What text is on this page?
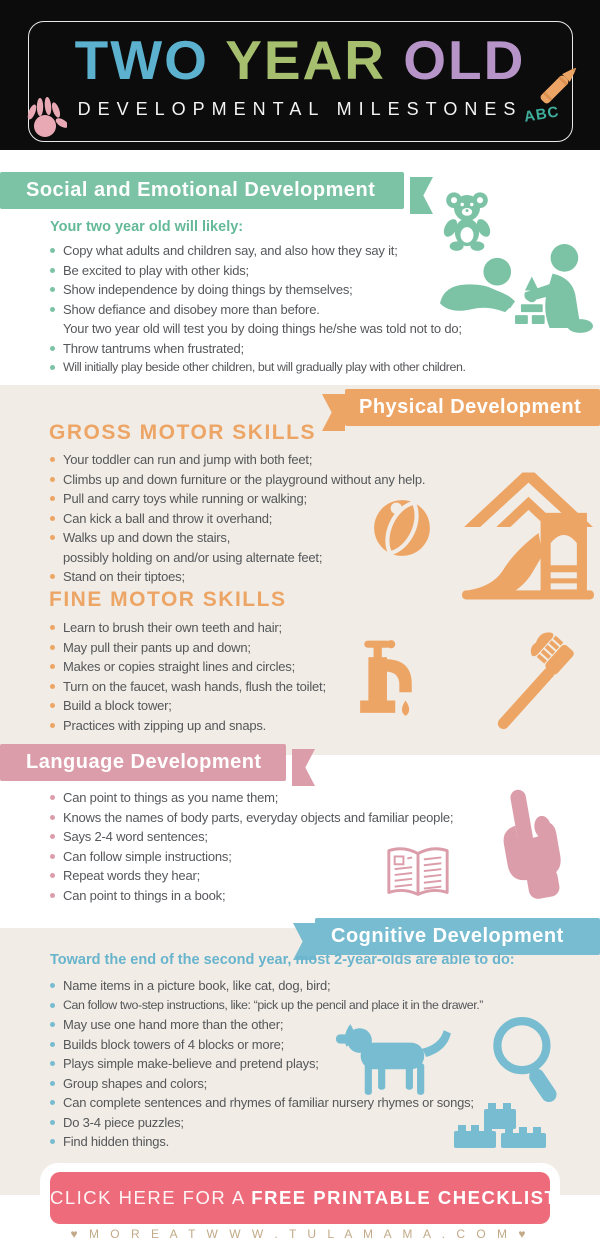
TWO YEAR OLD
DEVELOPMENTAL MILESTONES ABC
Social and Emotional Development
Your two year old will likely:
Copy what adults and children say, and also how they say it;
Be excited to play with other kids;
Show independence by doing things by themselves;
Show defiance and disobey more than before.
Your two year old will test you by doing things he/she was told not to do;
Throw tantrums when frustrated;
Will initially play beside other children, but will gradually play with other children.
Physical Development
GROSS MOTOR SKILLS
Your toddler can run and jump with both feet;
Climbs up and down furniture or the playground without any help.
Pull and carry toys while running or walking;
Can kick a ball and throw it overhand;
Walks up and down the stairs,
possibly holding on and/or using alternate feet;
Stand on their tiptoes;
FINE MOTOR SKILLS
Learn to brush their own teeth and hair;
May pull their pants up and down;
Makes or copies straight lines and circles;
Turn on the faucet, wash hands, flush the toilet;
Build a block tower;
Practices with zipping up and snaps.
Language Development
Can point to things as you name them;
Knows the names of body parts, everyday objects and familiar people;
Says 2-4 word sentences;
Can follow simple instructions;
Repeat words they hear;
Can point to things in a book;
Cognitive Development
Toward the end of the second year, most 2-year-olds are able to do:
Name items in a picture book, like cat, dog, bird;
Can follow two-step instructions, like: “pick up the pencil and place it in the drawer.”
May use one hand more than the other;
Builds block towers of 4 blocks or more;
Plays simple make-believe and pretend plays;
Group shapes and colors;
Can complete sentences and rhymes of familiar nursery rhymes or songs;
Do 3-4 piece puzzles;
Find hidden things.
CLICK HERE FOR A FREE PRINTABLE CHECKLIST
♥ M O R E A T W W W . T U L A M A M A . C O M ♥
